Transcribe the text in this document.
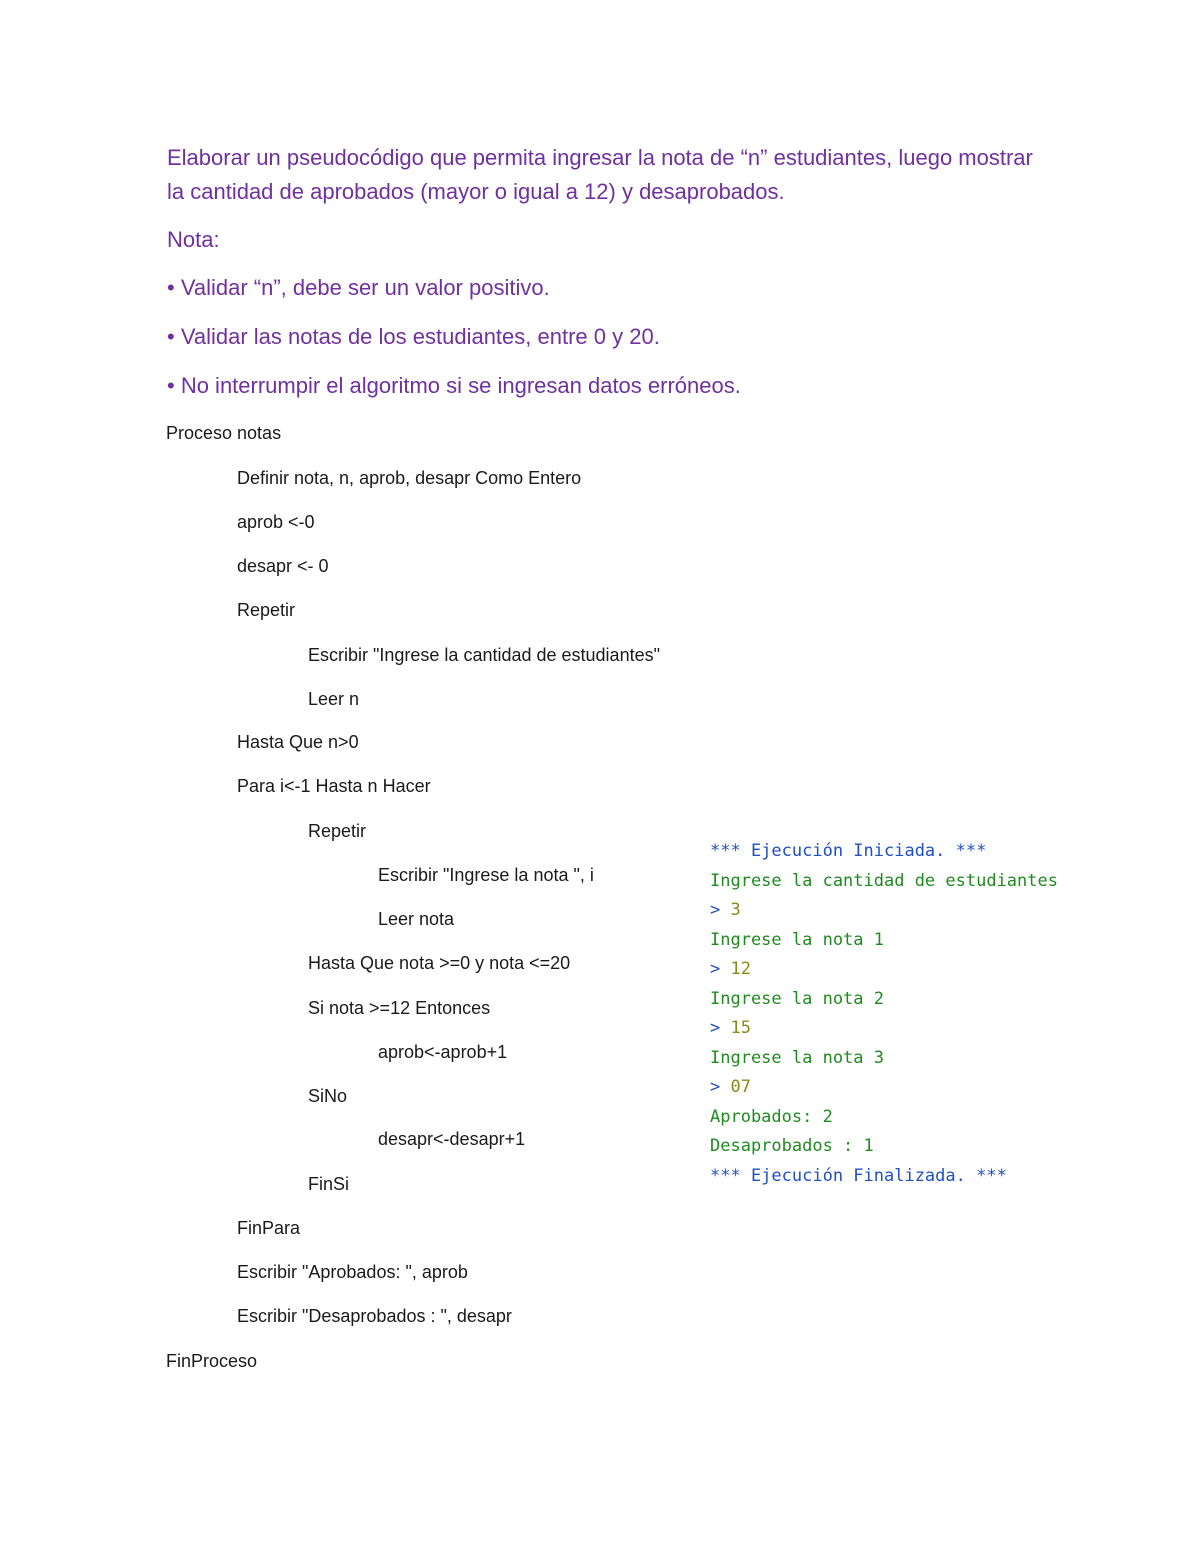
Elaborar un pseudocódigo que permita ingresar la nota de “n” estudiantes, luego mostrar la cantidad de aprobados (mayor o igual a 12) y desaprobados.

Nota:
• Validar “n”, debe ser un valor positivo.
• Validar las notas de los estudiantes, entre 0 y 20.
• No interrumpir el algoritmo si se ingresan datos erróneos.
Proceso notas
Definir nota, n, aprob, desapr Como Entero
aprob <-0
desapr <- 0
Repetir
Escribir "Ingrese la cantidad de estudiantes"
Leer n
Hasta Que n>0
Para i<-1 Hasta n Hacer
Repetir
Escribir "Ingrese la nota ", i
Leer nota
Hasta Que nota >=0 y nota <=20
Si nota >=12 Entonces
aprob<-aprob+1
SiNo
desapr<-desapr+1
FinSi
FinPara
Escribir "Aprobados: ", aprob
Escribir "Desaprobados : ", desapr
FinProceso
*** Ejecución Iniciada. ***
Ingrese la cantidad de estudiantes
> 3
Ingrese la nota 1
> 12
Ingrese la nota 2
> 15
Ingrese la nota 3
> 07
Aprobados: 2
Desaprobados : 1
*** Ejecución Finalizada. ***
